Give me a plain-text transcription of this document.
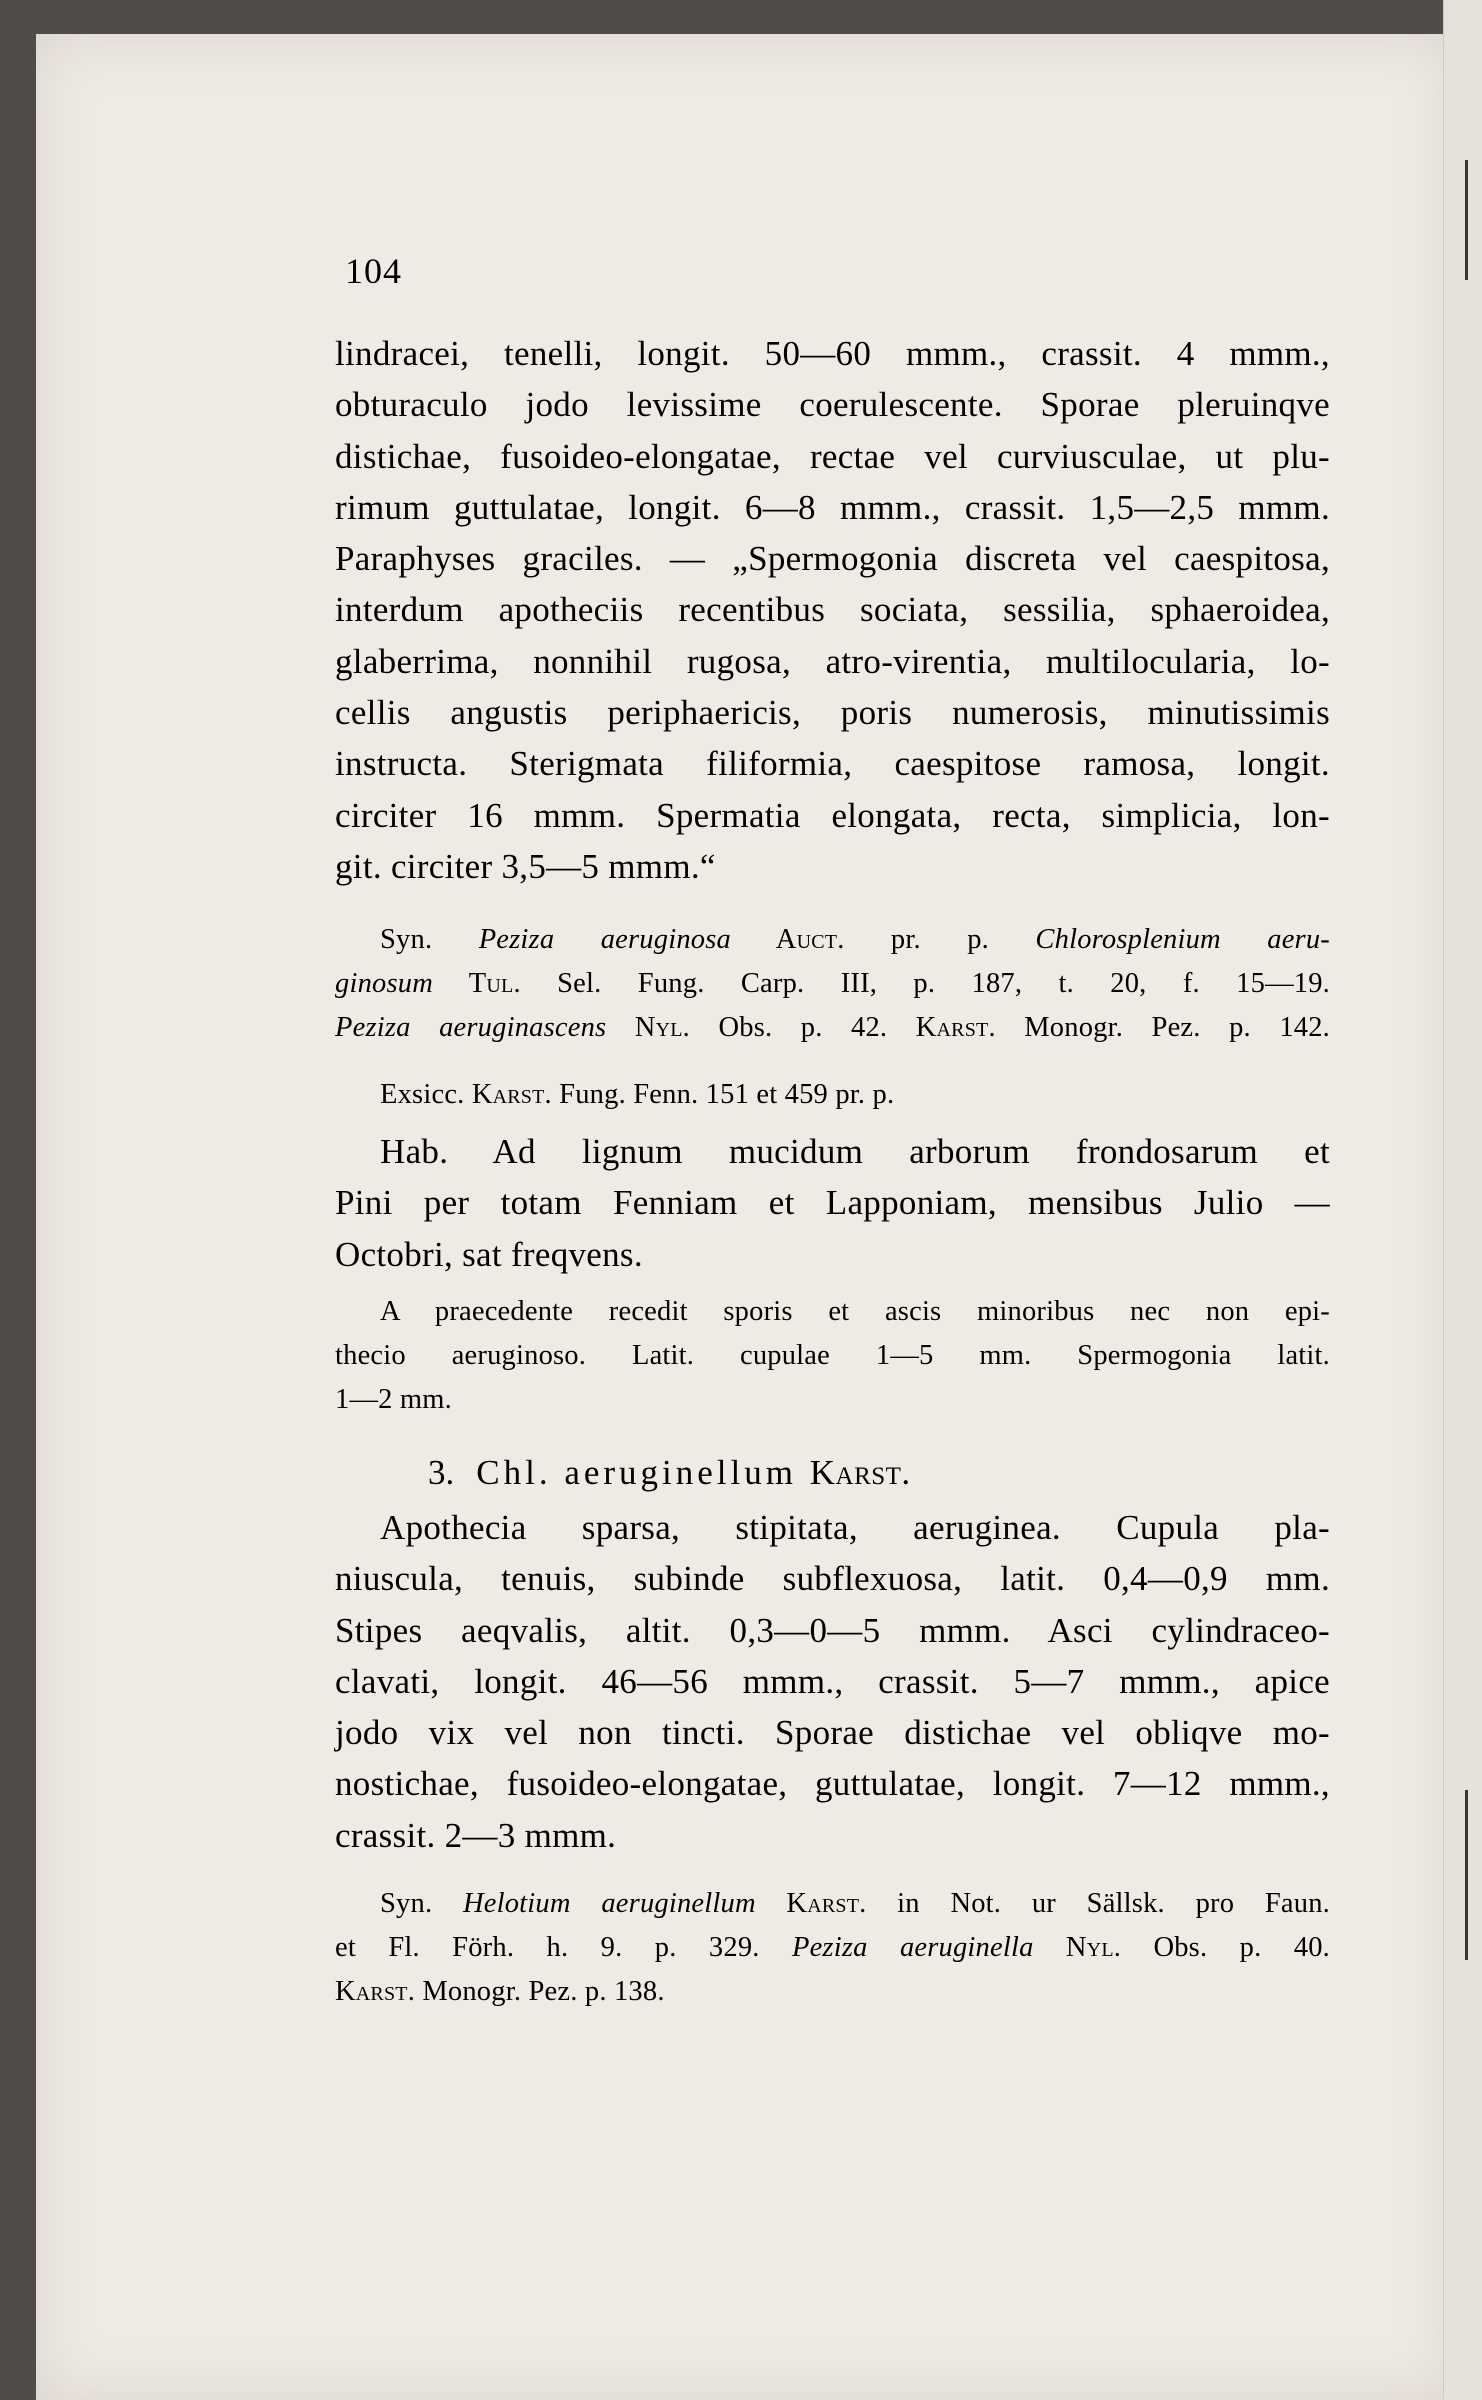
104
lindracei, tenelli, longit. 50—60 mmm., crassit. 4 mmm.,
obturaculo jodo levissime coerulescente. Sporae pleruinqve
distichae, fusoideo-elongatae, rectae vel curviusculae, ut plu-
rimum guttulatae, longit. 6—8 mmm., crassit. 1,5—2,5 mmm.
Paraphyses graciles. — „Spermogonia discreta vel caespitosa,
interdum apotheciis recentibus sociata, sessilia, sphaeroidea,
glaberrima, nonnihil rugosa, atro-virentia, multilocularia, lo-
cellis angustis periphaericis, poris numerosis, minutissimis
instructa. Sterigmata filiformia, caespitose ramosa, longit.
circiter 16 mmm. Spermatia elongata, recta, simplicia, lon-
git. circiter 3,5—5 mmm.“
Syn. Peziza aeruginosa Auct. pr. p. Chlorosplenium aeru-
ginosum Tul. Sel. Fung. Carp. III, p. 187, t. 20, f. 15—19.
Peziza aeruginascens Nyl. Obs. p. 42. Karst. Monogr. Pez. p. 142.
Exsicc. Karst. Fung. Fenn. 151 et 459 pr. p.
Hab. Ad lignum mucidum arborum frondosarum et
Pini per totam Fenniam et Lapponiam, mensibus Julio —
Octobri, sat freqvens.
A praecedente recedit sporis et ascis minoribus nec non epi-
thecio aeruginoso. Latit. cupulae 1—5 mm. Spermogonia latit.
1—2 mm.
3. Chl. aeruginellum Karst.
Apothecia sparsa, stipitata, aeruginea. Cupula pla-
niuscula, tenuis, subinde subflexuosa, latit. 0,4—0,9 mm.
Stipes aeqvalis, altit. 0,3—0—5 mmm. Asci cylindraceo-
clavati, longit. 46—56 mmm., crassit. 5—7 mmm., apice
jodo vix vel non tincti. Sporae distichae vel obliqve mo-
nostichae, fusoideo-elongatae, guttulatae, longit. 7—12 mmm.,
crassit. 2—3 mmm.
Syn. Helotium aeruginellum Karst. in Not. ur Sällsk. pro Faun.
et Fl. Förh. h. 9. p. 329. Peziza aeruginella Nyl. Obs. p. 40.
Karst. Monogr. Pez. p. 138.
